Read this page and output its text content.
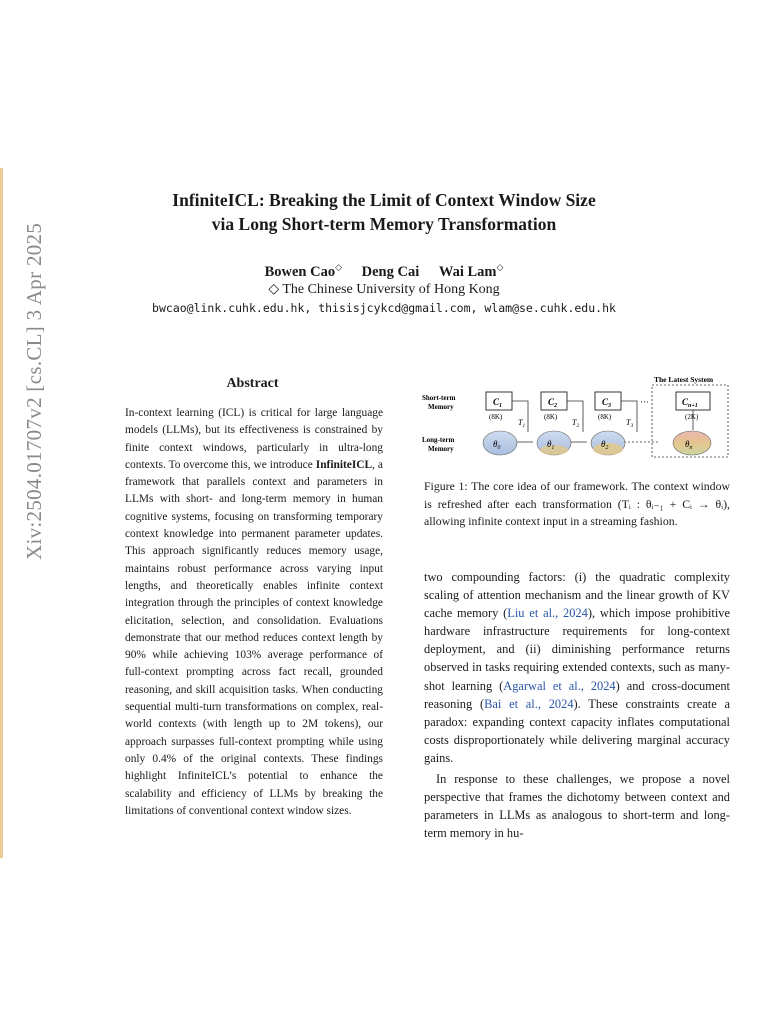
Xiv:2504.01707v2 [cs.CL] 3 Apr 2025
InfiniteICL: Breaking the Limit of Context Window Size
via Long Short-term Memory Transformation
Bowen Cao◇ Deng Cai Wai Lam◇
◇ The Chinese University of Hong Kong
bwcao@link.cuhk.edu.hk, thisisjcykcd@gmail.com, wlam@se.cuhk.edu.hk
Abstract
In-context learning (ICL) is critical for large language models (LLMs), but its effectiveness is constrained by finite context windows, particularly in ultra-long contexts. To overcome this, we introduce InfiniteICL, a framework that parallels context and parameters in LLMs with short- and long-term memory in human cognitive systems, focusing on transforming temporary context knowledge into permanent parameter updates. This approach significantly reduces memory usage, maintains robust performance across varying input lengths, and theoretically enables infinite context integration through the principles of context knowledge elicitation, selection, and consolidation. Evaluations demonstrate that our method reduces context length by 90% while achieving 103% average performance of full-context prompting across fact recall, grounded reasoning, and skill acquisition tasks. When conducting sequential multi-turn transformations on complex, real-world contexts (with length up to 2M tokens), our approach surpasses full-context prompting while using only 0.4% of the original contexts. These findings highlight InfiniteICL’s potential to enhance the scalability and efficiency of LLMs by breaking the limitations of conventional context window sizes.
The Latest System
Short-term
Memory
Long-term
Memory
$C_1$
(8K)
$C_2$
(8K)
$C_3$
(8K)
···	$C_{n+1}$
(2K)
$T_1$	$T_2$	$T_3$
$\theta_0$	$\theta_1$	$\theta_2$	$\theta_n$
Figure 1: The core idea of our framework. The context window is refreshed after each transformation (Tᵢ : θᵢ₋₁ + Cᵢ → θᵢ), allowing infinite context input in a streaming fashion.

two compounding factors: (i) the quadratic complexity scaling of attention mechanism and the linear growth of KV cache memory (Liu et al., 2024), which impose prohibitive hardware infrastructure requirements for long-context deployment, and (ii) diminishing performance returns observed in tasks requiring extended contexts, such as many-shot learning (Agarwal et al., 2024) and cross-document reasoning (Bai et al., 2024). These constraints create a paradox: expanding context capacity inflates computational costs disproportionately while delivering marginal accuracy gains.

In response to these challenges, we propose a novel perspective that frames the dichotomy between context and parameters in LLMs as analogous to short-term and long-term memory in hu-
